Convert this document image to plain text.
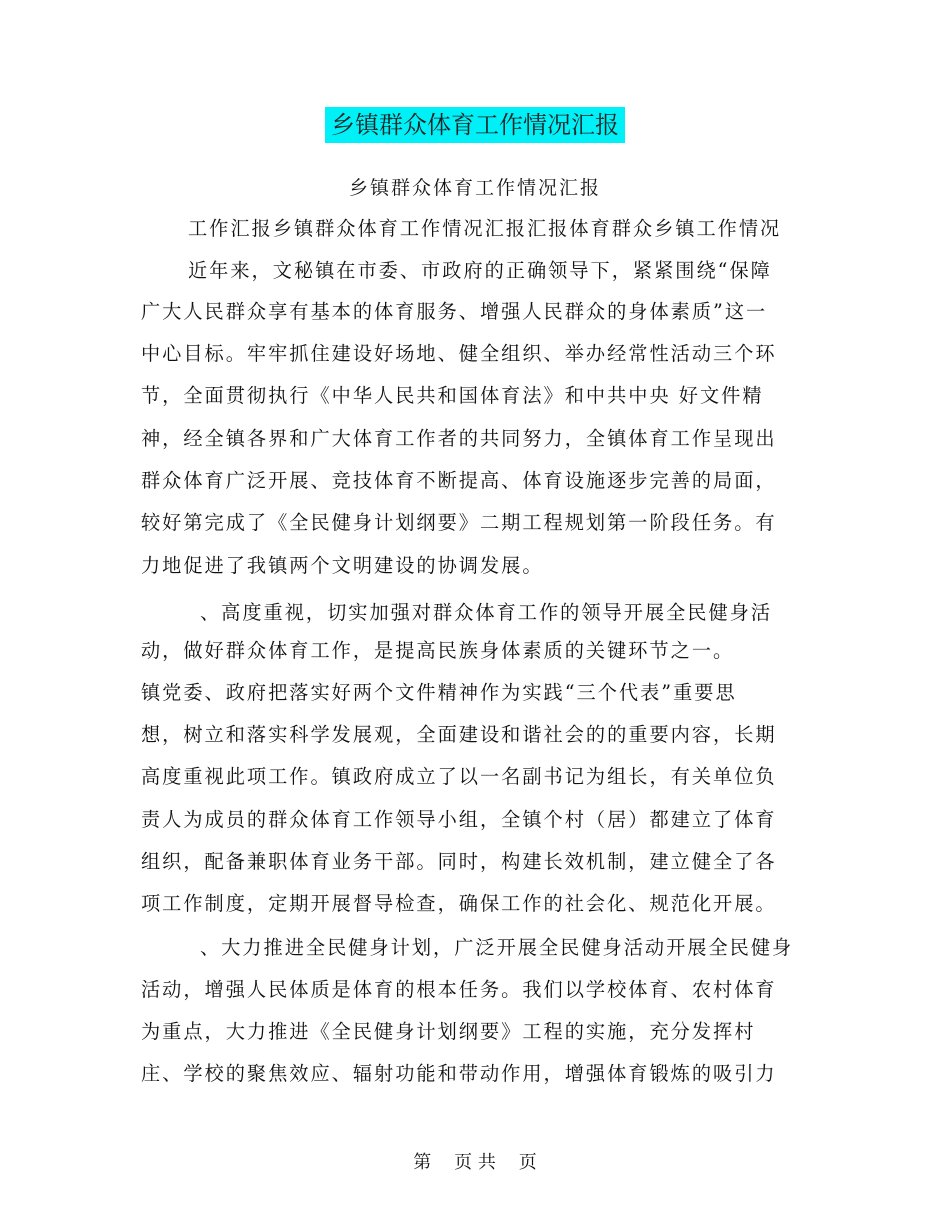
乡镇群众体育工作情况汇报
乡镇群众体育工作情况汇报
工作汇报乡镇群众体育工作情况汇报汇报体育群众乡镇工作情况
近年来，文秘镇在市委、市政府的正确领导下，紧紧围绕“保障
广大人民群众享有基本的体育服务、增强人民群众的身体素质”这一
中心目标。牢牢抓住建设好场地、健全组织、举办经常性活动三个环
节，全面贯彻执行《中华人民共和国体育法》和中共中央 好文件精
神，经全镇各界和广大体育工作者的共同努力，全镇体育工作呈现出
群众体育广泛开展、竞技体育不断提高、体育设施逐步完善的局面，
较好第完成了《全民健身计划纲要》二期工程规划第一阶段任务。有
力地促进了我镇两个文明建设的协调发展。
、高度重视，切实加强对群众体育工作的领导开展全民健身活
动，做好群众体育工作，是提高民族身体素质的关键环节之一。
镇党委、政府把落实好两个文件精神作为实践“三个代表”重要思
想，树立和落实科学发展观，全面建设和谐社会的的重要内容，长期
高度重视此项工作。镇政府成立了以一名副书记为组长，有关单位负
责人为成员的群众体育工作领导小组，全镇个村（居）都建立了体育
组织，配备兼职体育业务干部。同时，构建长效机制，建立健全了各
项工作制度，定期开展督导检查，确保工作的社会化、规范化开展。
、大力推进全民健身计划，广泛开展全民健身活动开展全民健身
活动，增强人民体质是体育的根本任务。我们以学校体育、农村体育
为重点，大力推进《全民健身计划纲要》工程的实施，充分发挥村
庄、学校的聚焦效应、辐射功能和带动作用，增强体育锻炼的吸引力
第    页 共    页
